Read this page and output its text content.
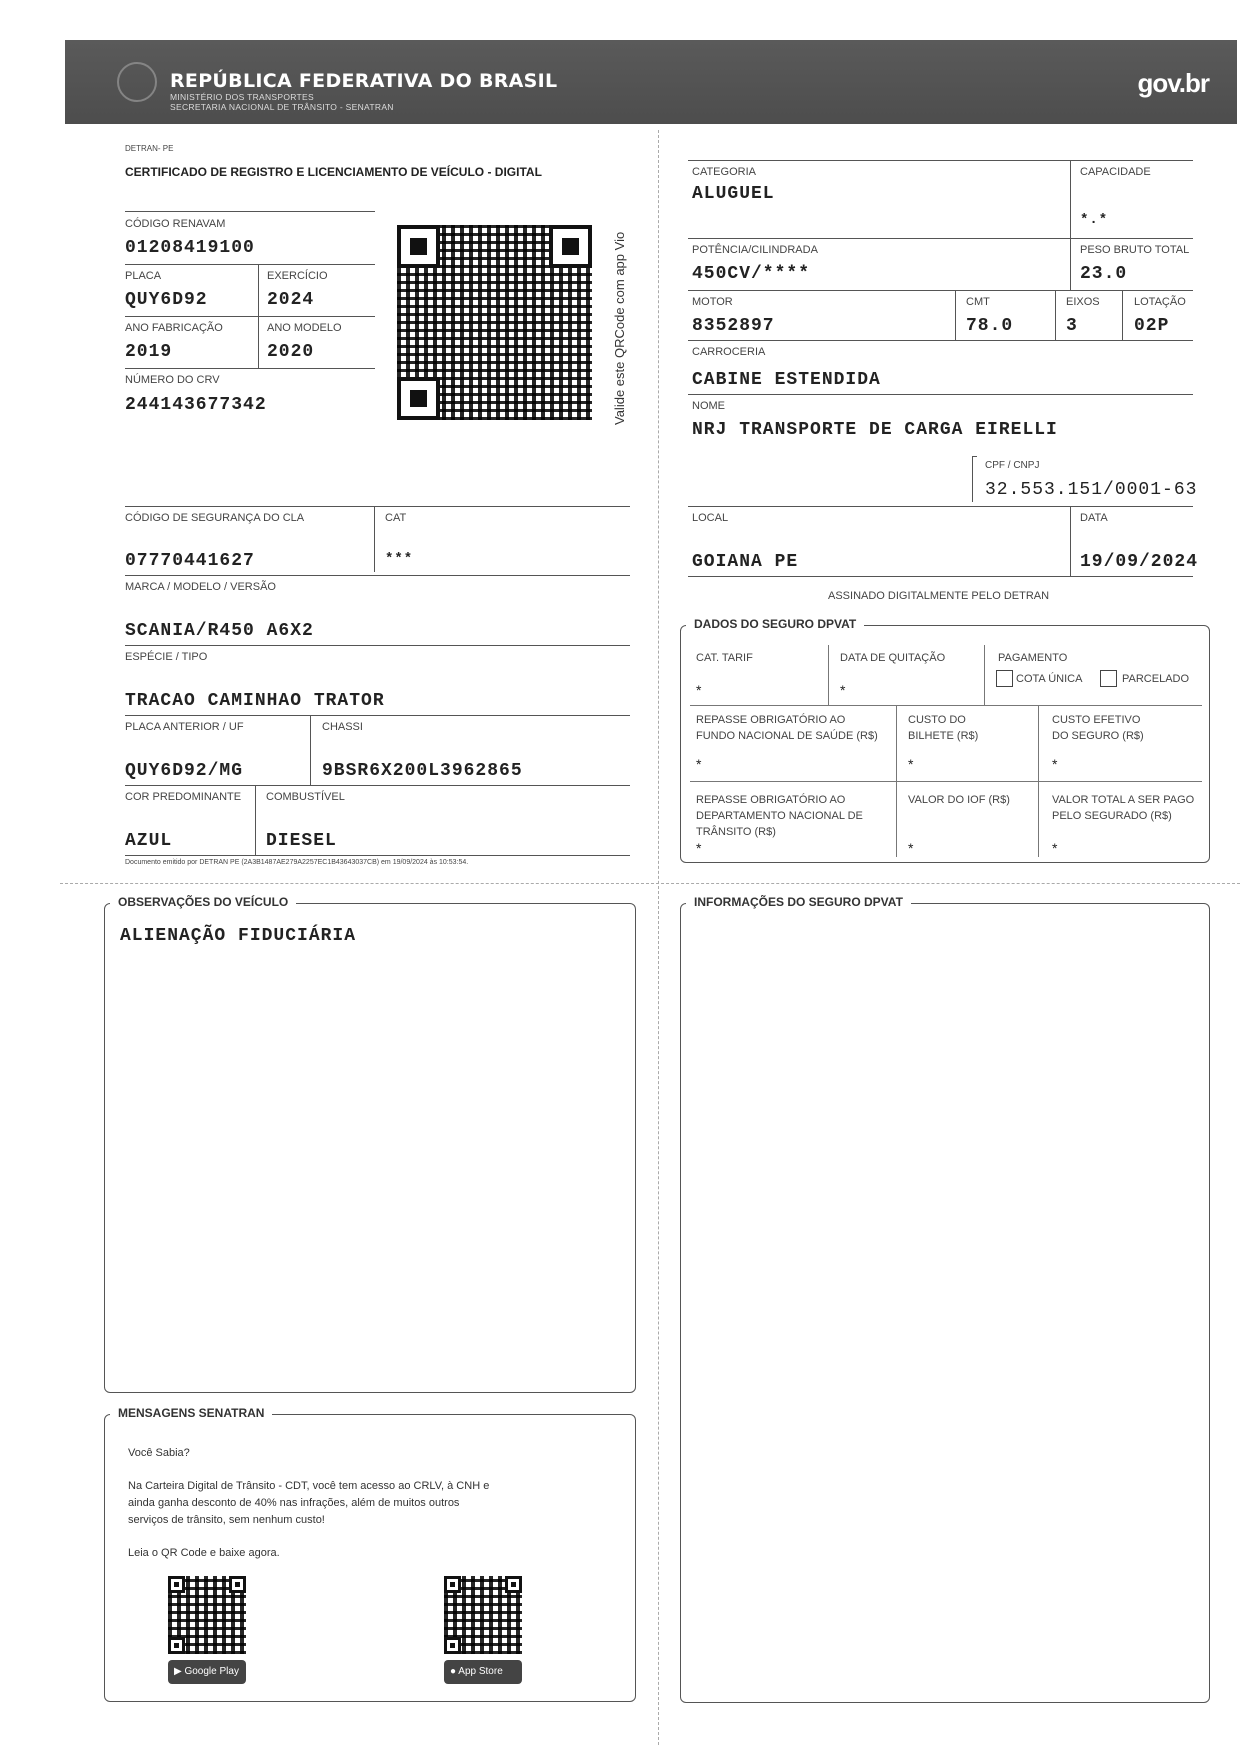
REPÚBLICA FEDERATIVA DO BRASIL
MINISTÉRIO DOS TRANSPORTES
SECRETARIA NACIONAL DE TRÂNSITO - SENATRAN
gov.br
DETRAN- PE
CERTIFICADO DE REGISTRO E LICENCIAMENTO DE VEÍCULO - DIGITAL
CÓDIGO RENAVAM
01208419100
PLACA
QUY6D92
EXERCÍCIO
2024
ANO FABRICAÇÃO
2019
ANO MODELO
2020
NÚMERO DO CRV
244143677342	Valide este QRCode com app Vio
CÓDIGO DE SEGURANÇA DO CLA
07770441627
CAT
***
MARCA / MODELO / VERSÃO
SCANIA/R450 A6X2
ESPÉCIE / TIPO
TRACAO CAMINHAO TRATOR
PLACA ANTERIOR / UF
QUY6D92/MG
CHASSI
9BSR6X200L3962865
COR PREDOMINANTE
AZUL
COMBUSTÍVEL
DIESEL
Documento emitido por DETRAN PE (2A3B1487AE279A2257EC1B43643037CB) em 19/09/2024 às 10:53:54.
CATEGORIA
ALUGUEL
CAPACIDADE
*.*
POTÊNCIA/CILINDRADA
450CV/****
PESO BRUTO TOTAL
23.0
MOTOR
8352897
CMT
78.0
EIXOS
3
LOTAÇÃO
02P
CARROCERIA
CABINE ESTENDIDA
NOME
NRJ TRANSPORTE DE CARGA EIRELLI
CPF / CNPJ
32.553.151/0001-63
LOCAL
GOIANA PE
DATA
19/09/2024
ASSINADO DIGITALMENTE PELO DETRAN
DADOS DO SEGURO DPVAT
CAT. TARIF
*
DATA DE QUITAÇÃO
*
PAGAMENTO
COTA ÚNICA	PARCELADO
REPASSE OBRIGATÓRIO AO
FUNDO NACIONAL DE SAÚDE (R$)
*
CUSTO DO
BILHETE (R$)
*
CUSTO EFETIVO
DO SEGURO (R$)
*
REPASSE OBRIGATÓRIO AO
DEPARTAMENTO NACIONAL DE
TRÂNSITO (R$)
*
VALOR DO IOF (R$)
*
VALOR TOTAL A SER PAGO
PELO SEGURADO (R$)
*
OBSERVAÇÕES DO VEÍCULO
ALIENAÇÃO FIDUCIÁRIA
INFORMAÇÕES DO SEGURO DPVAT
MENSAGENS SENATRAN
Você Sabia?
Na Carteira Digital de Trânsito - CDT, você tem acesso ao CRLV, à CNH e
ainda ganha desconto de 40% nas infrações, além de muitos outros
serviços de trânsito, sem nenhum custo!
Leia o QR Code e baixe agora.
▶ Google Play	● App Store
